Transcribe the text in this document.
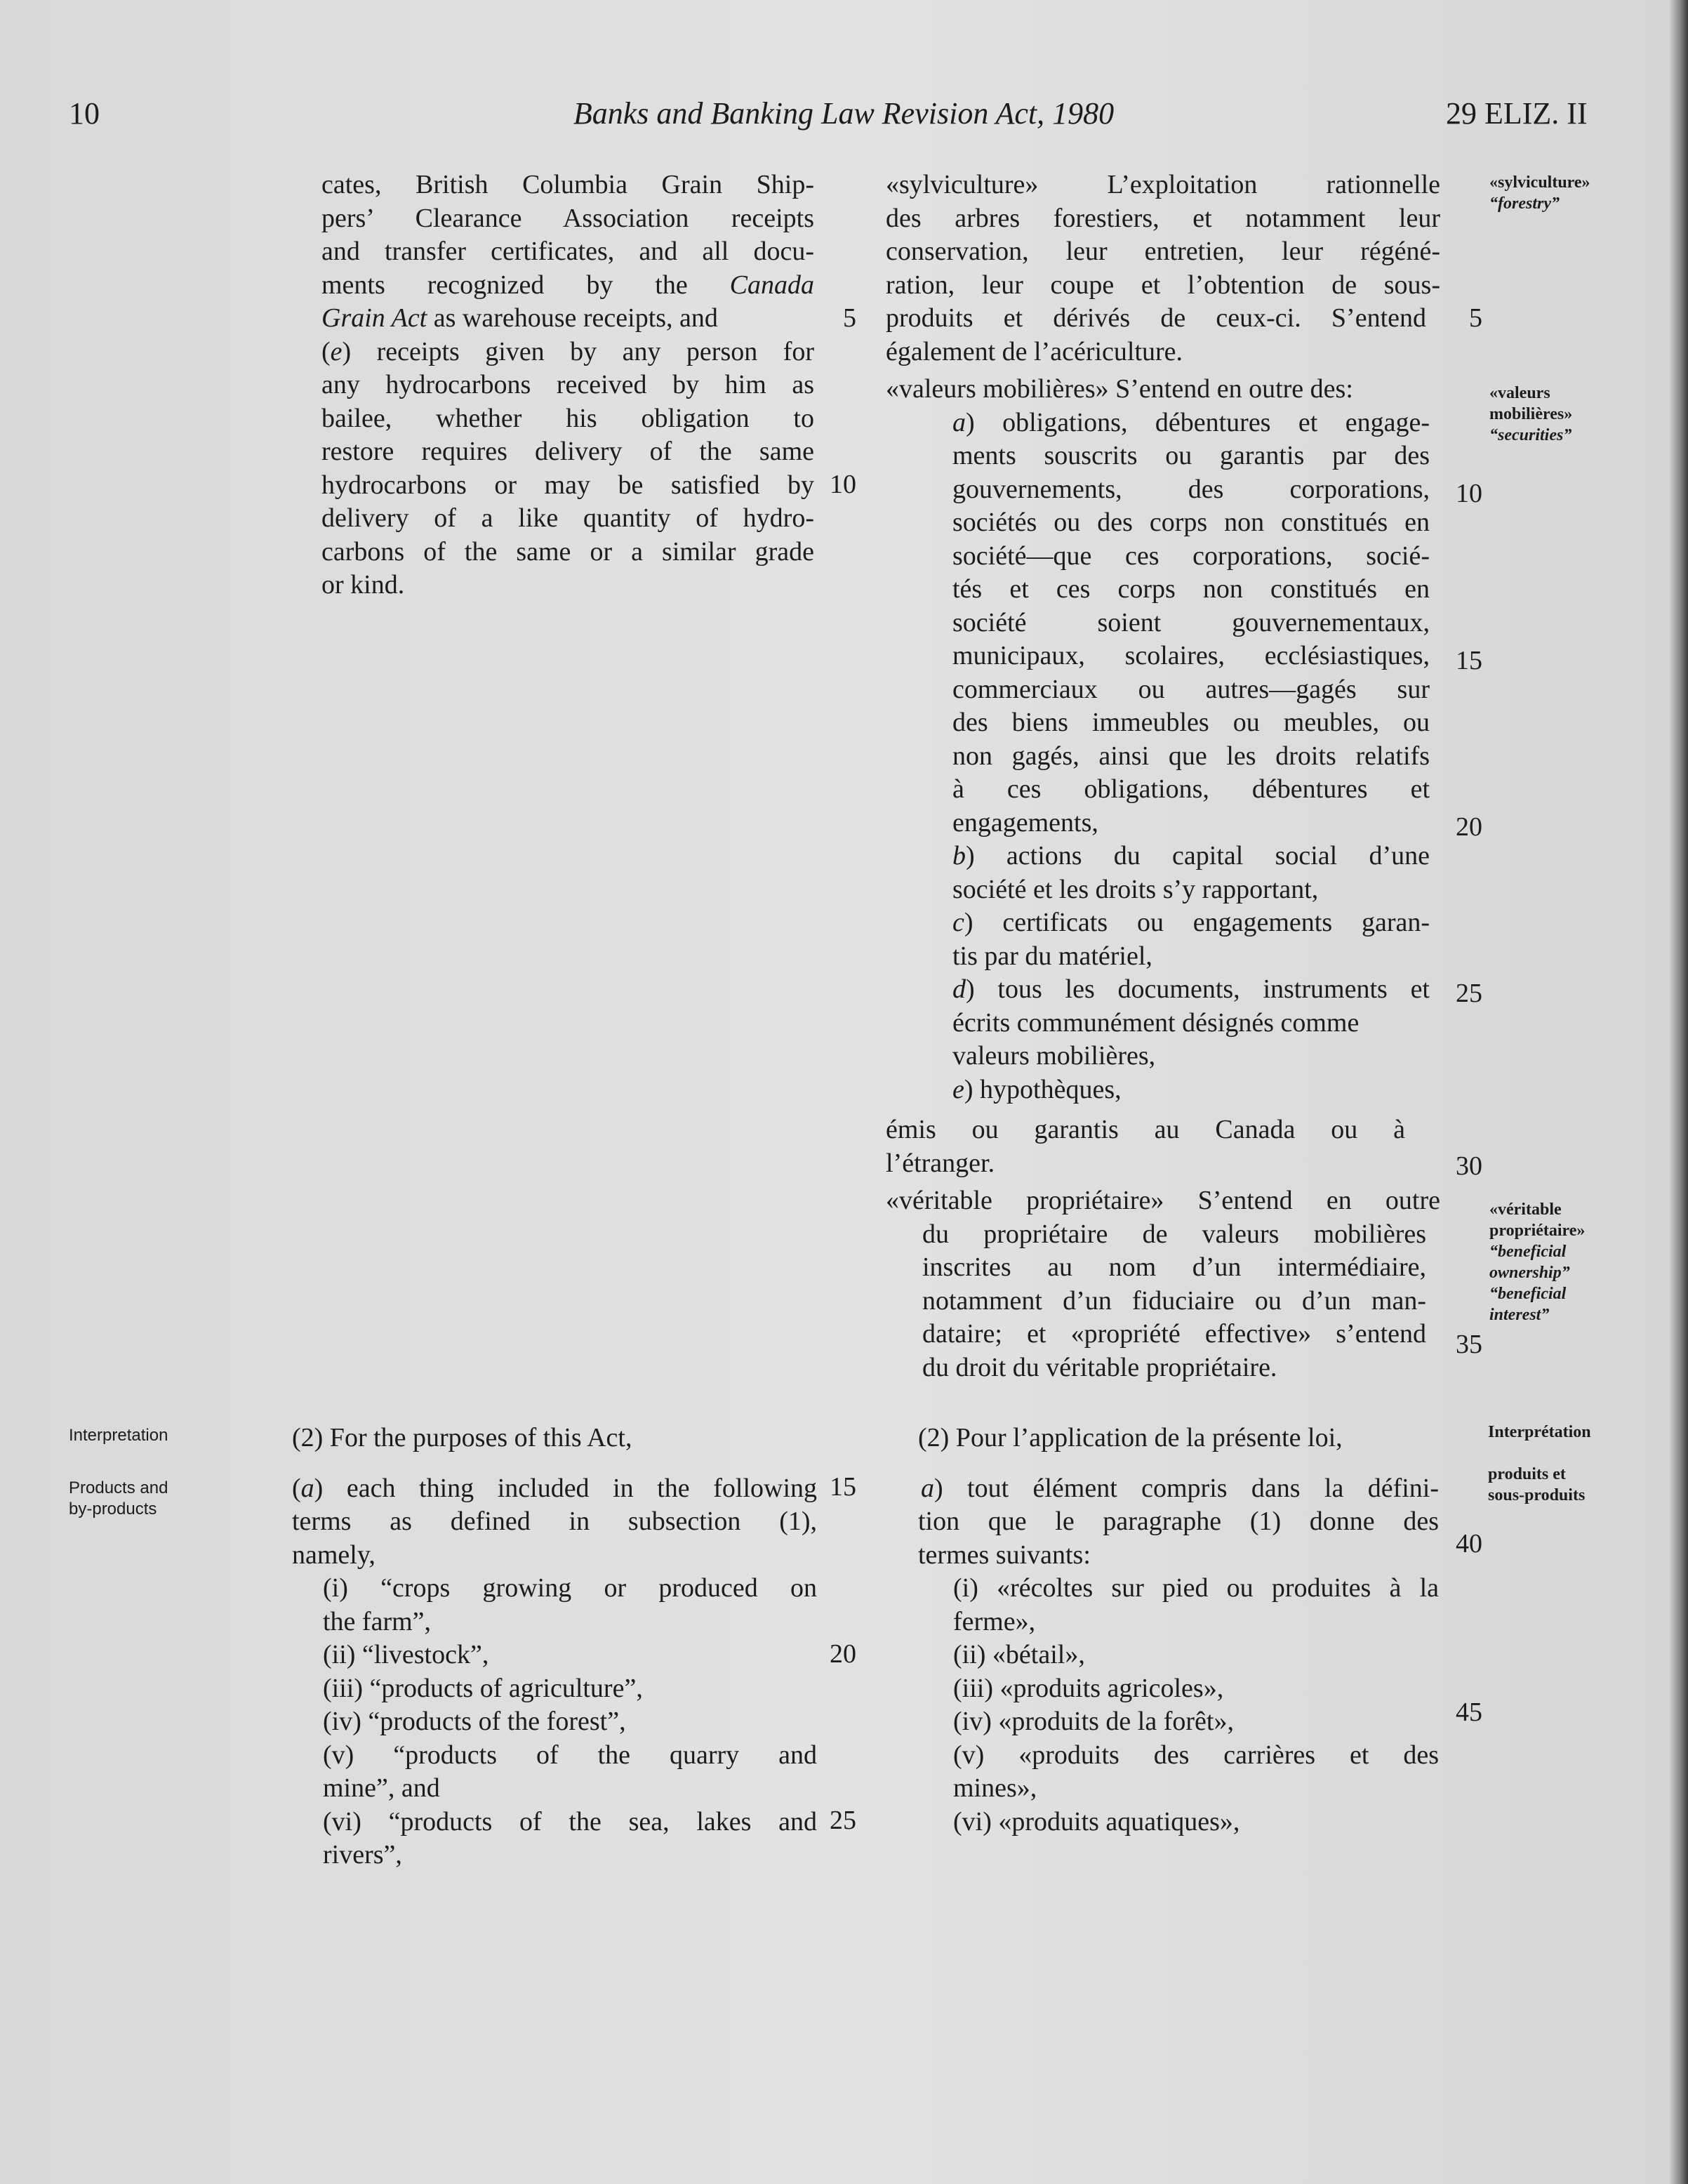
10	Banks and Banking Law Revision Act, 1980	29 ELIZ. II
cates, British Columbia Grain Ship-
pers’ Clearance Association receipts
and transfer certificates, and all docu-
ments recognized by the Canada
Grain Act as warehouse receipts, and
(e) receipts given by any person for
any hydrocarbons received by him as
bailee, whether his obligation to
restore requires delivery of the same
hydrocarbons or may be satisfied by
delivery of a like quantity of hydro-
carbons of the same or a similar grade
or kind.
5
10
«sylviculture» L’exploitation rationnelle
des arbres forestiers, et notamment leur
conservation, leur entretien, leur régéné-
ration, leur coupe et l’obtention de sous-
produits et dérivés de ceux-ci. S’entend
également de l’acériculture.
«valeurs mobilières» S’entend en outre des:
a) obligations, débentures et engage-
ments souscrits ou garantis par des
gouvernements, des corporations,
sociétés ou des corps non constitués en
société—que ces corporations, socié-
tés et ces corps non constitués en
société soient gouvernementaux,
municipaux, scolaires, ecclésiastiques,
commerciaux ou autres—gagés sur
des biens immeubles ou meubles, ou
non gagés, ainsi que les droits relatifs
à ces obligations, débentures et
engagements,
b) actions du capital social d’une
société et les droits s’y rapportant,
c) certificats ou engagements garan-
tis par du matériel,
d) tous les documents, instruments et
écrits communément désignés comme
valeurs mobilières,
e) hypothèques,
émis ou garantis au Canada ou à
l’étranger.
«véritable propriétaire» S’entend en outre
du propriétaire de valeurs mobilières
inscrites au nom d’un intermédiaire,
notamment d’un fiduciaire ou d’un man-
dataire; et «propriété effective» s’entend
du droit du véritable propriétaire.
5
10
15
20
25
30
35
«sylviculture»
“forestry”
«valeurs
mobilières»
“securities”
«véritable
propriétaire»
“beneficial
ownership”
“beneficial
interest”
Interprétation
produits et
sous-produits
Interpretation
Products and
by-products
(2) For the purposes of this Act,
(a) each thing included in the following
terms as defined in subsection (1),
namely,
(i) “crops growing or produced on
the farm”,
(ii) “livestock”,
(iii) “products of agriculture”,
(iv) “products of the forest”,
(v) “products of the quarry and
mine”, and
(vi) “products of the sea, lakes and
rivers”,
15
20
25
(2) Pour l’application de la présente loi,
a) tout élément compris dans la défini-
tion que le paragraphe (1) donne des
termes suivants:
(i) «récoltes sur pied ou produites à la
ferme»,
(ii) «bétail»,
(iii) «produits agricoles»,
(iv) «produits de la forêt»,
(v) «produits des carrières et des
mines»,
(vi) «produits aquatiques»,
40
45
